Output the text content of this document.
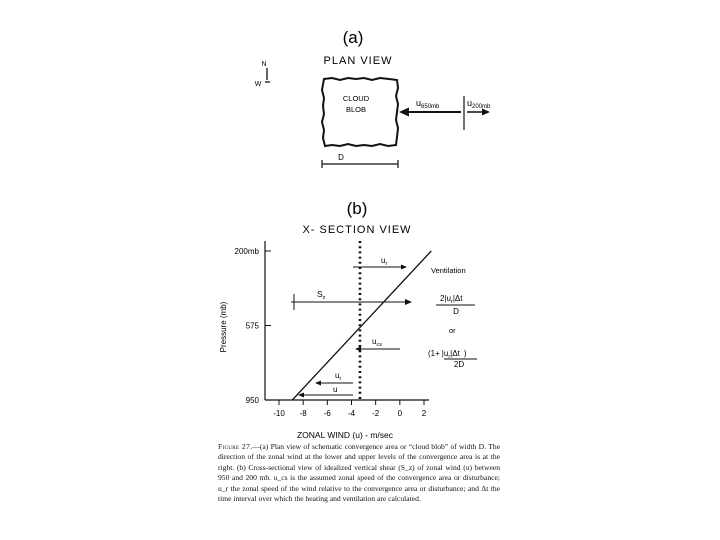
(a)
PLAN VIEW
N
W
CLOUD
BLOB
$u_{650mb}$	$u_{200mb}$
D
(b)
X- SECTION VIEW
Pressure (mb)
ZONAL WIND (u) - m/sec
200mb
575
950
-10 -8 -6 -4 -2 0 2
$u_r$
$S_z$
$u_{cs}$
$u_r$
u
Ventilation
$2|u_r|\Delta t$
D
or
($1+ |u_r|\Delta t$ )
2D

Figure 27.—(a) Plan view of schematic convergence area or “cloud blob” of width D. The direction of the zonal wind at the lower and upper levels of the convergence area is at the right. (b) Cross-sectional view of idealized vertical shear (S_z) of zonal wind (u) between 950 and 200 mb. u_cs is the assumed zonal speed of the convergence area or disturbance; u_r the zonal speed of the wind relative to the convergence area or disturbance; and Δt the time interval over which the heating and ventilation are calculated.
